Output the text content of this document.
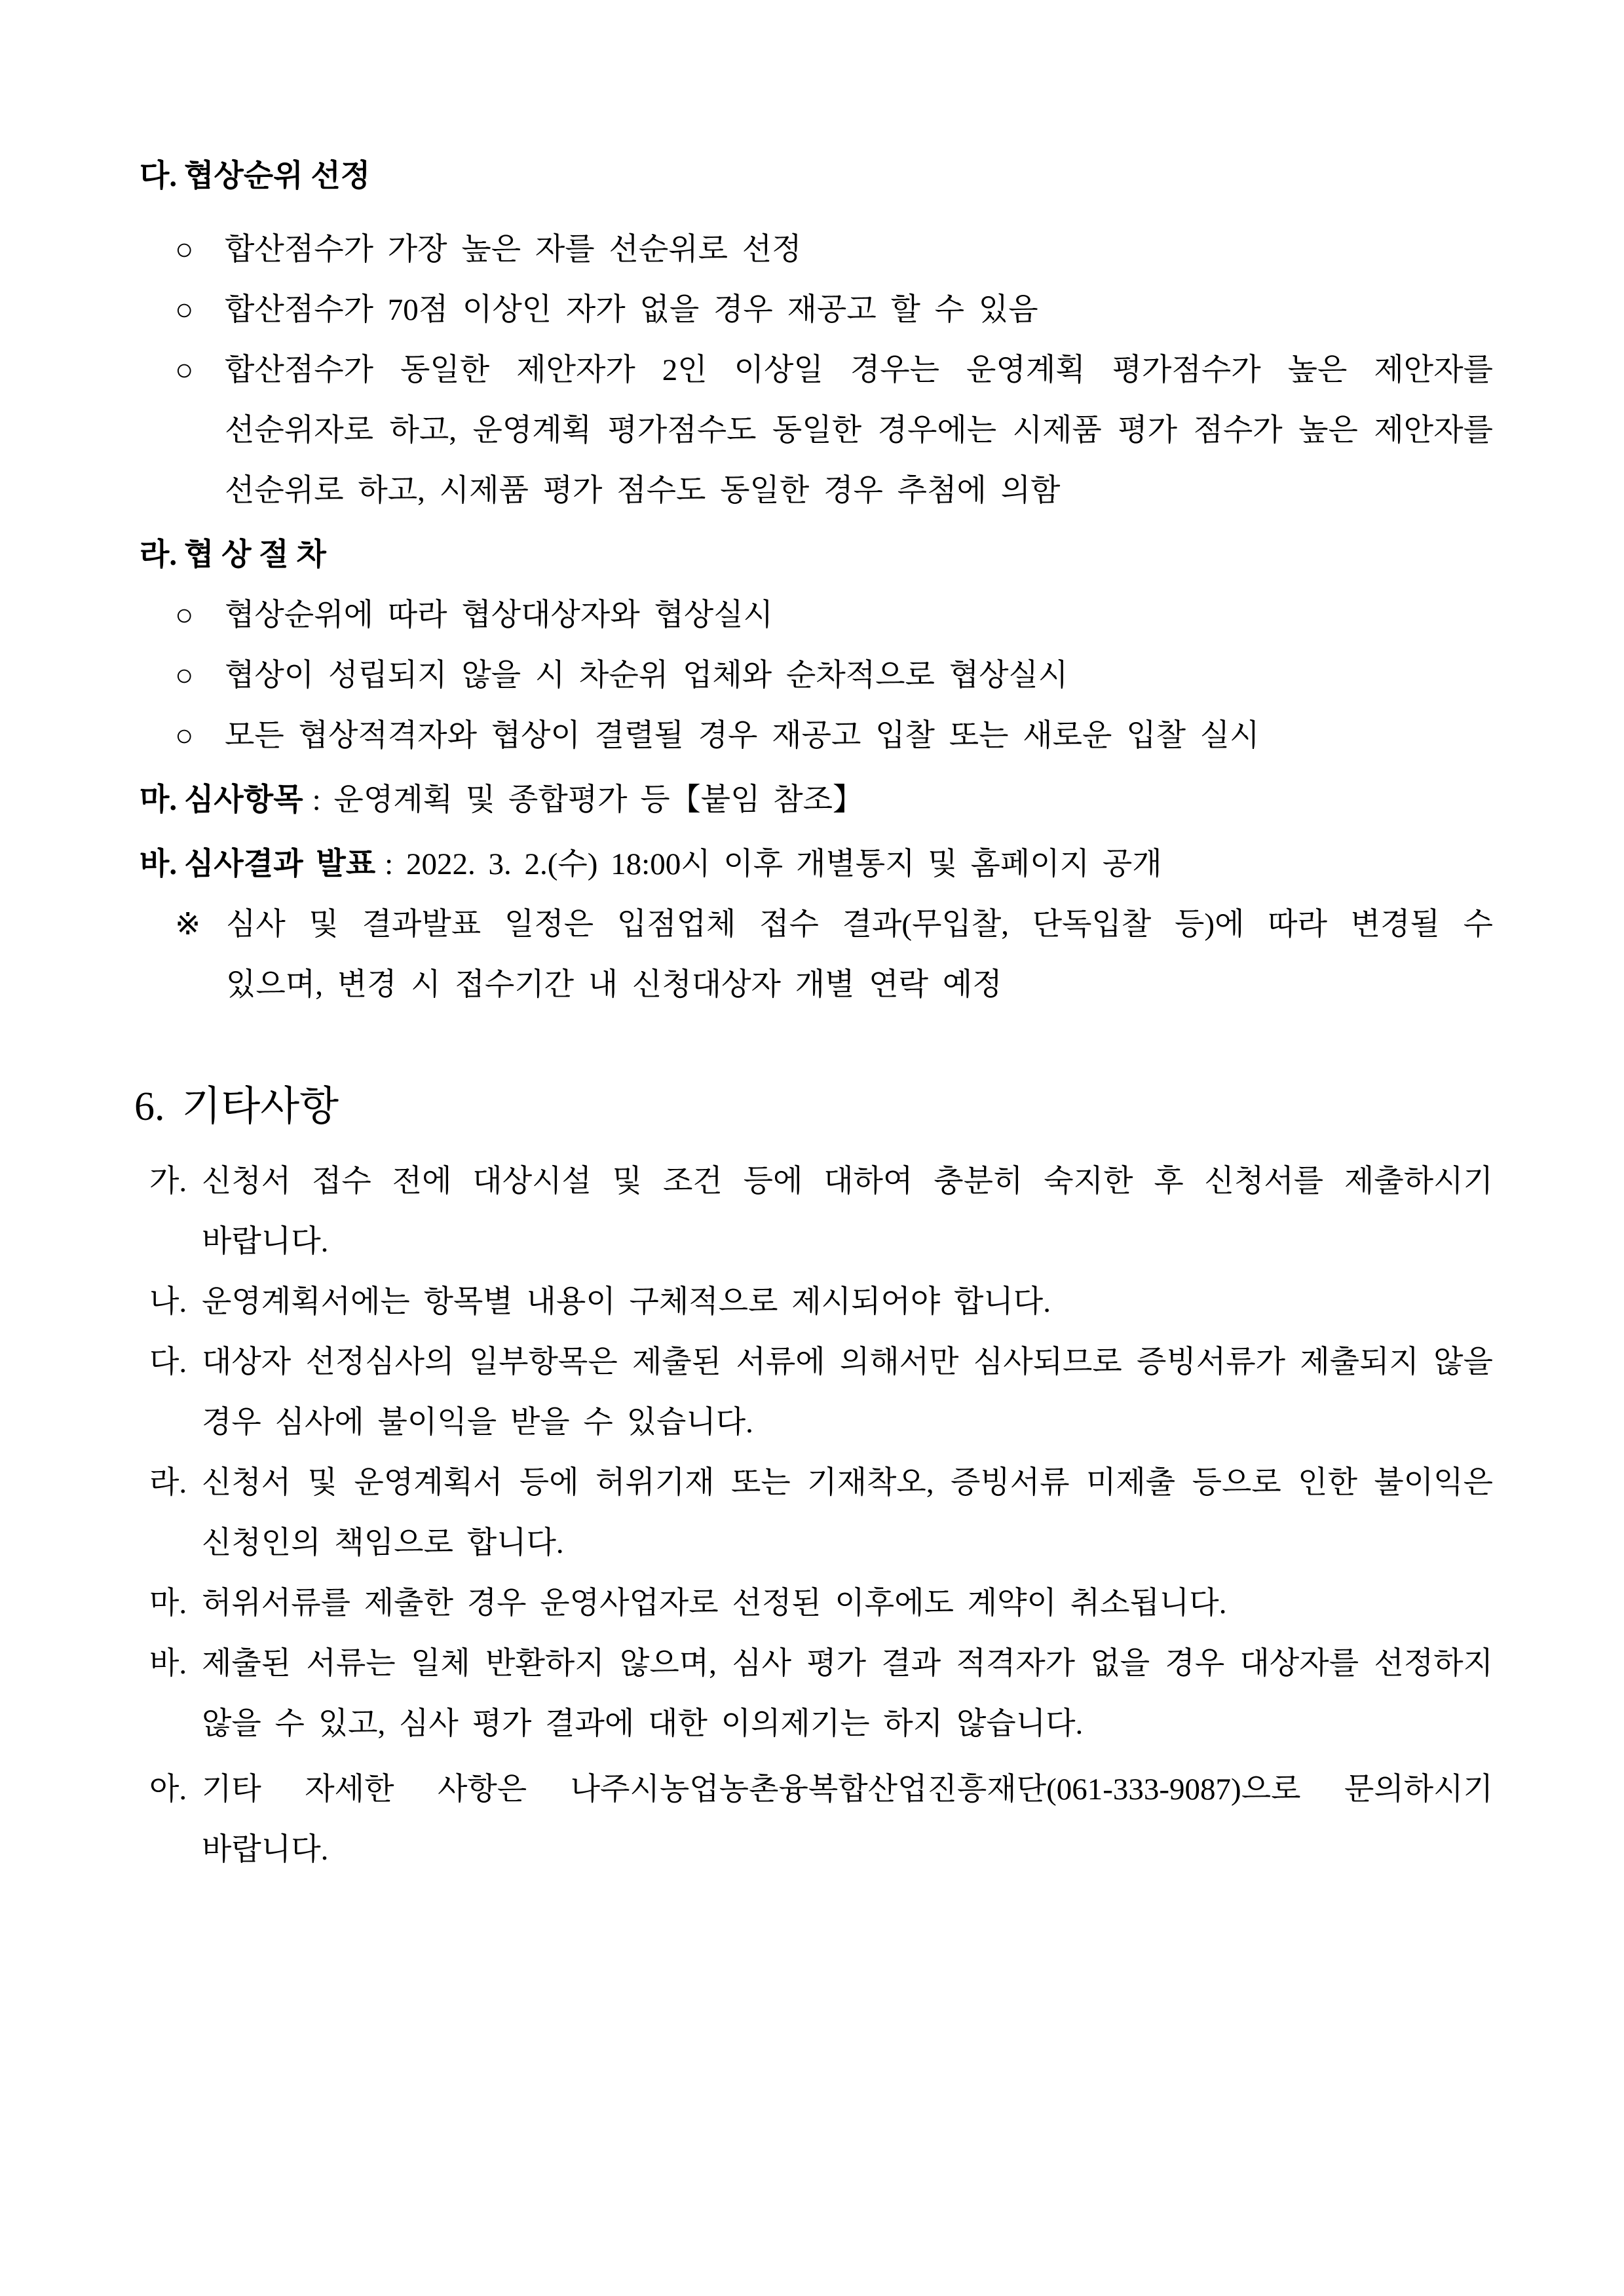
다. 협상순위 선정
○	합산점수가 가장 높은 자를 선순위로 선정
○	합산점수가 70점 이상인 자가 없을 경우 재공고 할 수 있음
○	합산점수가 동일한 제안자가 2인 이상일 경우는 운영계획 평가점수가 높은 제안자를 선순위자로 하고, 운영계획 평가점수도 동일한 경우에는 시제품 평가 점수가 높은 제안자를 선순위로 하고, 시제품 평가 점수도 동일한 경우 추첨에 의함
라. 협 상 절 차
○	협상순위에 따라 협상대상자와 협상실시
○	협상이 성립되지 않을 시 차순위 업체와 순차적으로 협상실시
○	모든 협상적격자와 협상이 결렬될 경우 재공고 입찰 또는 새로운 입찰 실시
마. 심사항목 : 운영계획 및 종합평가 등【붙임 참조】
바. 심사결과 발표 : 2022. 3. 2.(수) 18:00시 이후 개별통지 및 홈페이지 공개
※ 심사 및 결과발표 일정은 입점업체 접수 결과(무입찰, 단독입찰 등)에 따라 변경될 수 있으며, 변경 시 접수기간 내 신청대상자 개별 연락 예정
6. 기타사항
가. 신청서 접수 전에 대상시설 및 조건 등에 대하여 충분히 숙지한 후 신청서를 제출하시기 바랍니다.
나. 운영계획서에는 항목별 내용이 구체적으로 제시되어야 합니다.
다. 대상자 선정심사의 일부항목은 제출된 서류에 의해서만 심사되므로 증빙서류가 제출되지 않을 경우 심사에 불이익을 받을 수 있습니다.
라. 신청서 및 운영계획서 등에 허위기재 또는 기재착오, 증빙서류 미제출 등으로 인한 불이익은 신청인의 책임으로 합니다.
마. 허위서류를 제출한 경우 운영사업자로 선정된 이후에도 계약이 취소됩니다.
바. 제출된 서류는 일체 반환하지 않으며, 심사 평가 결과 적격자가 없을 경우 대상자를 선정하지 않을 수 있고, 심사 평가 결과에 대한 이의제기는 하지 않습니다.
아. 기타 자세한 사항은 나주시농업농촌융복합산업진흥재단(061-333-9087)으로 문의하시기 바랍니다.
